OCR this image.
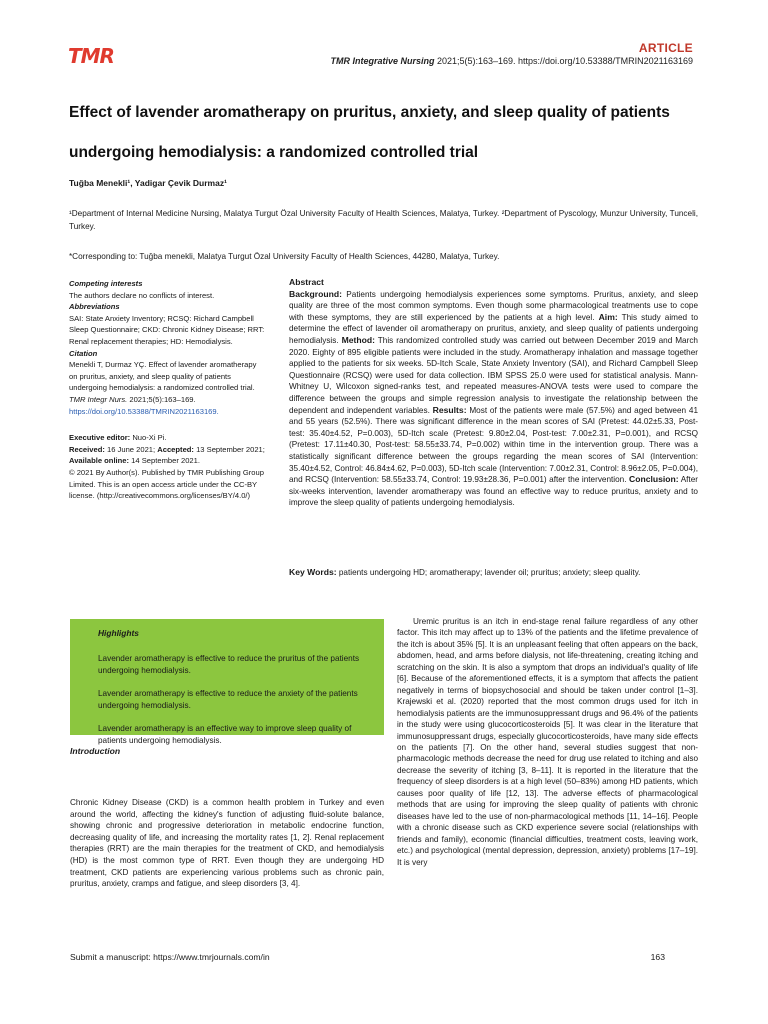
TMR	ARTICLE
TMR Integrative Nursing 2021;5(5):163–169. https://doi.org/10.53388/TMRIN2021163169
Effect of lavender aromatherapy on pruritus, anxiety, and sleep quality of patients
undergoing hemodialysis: a randomized controlled trial
Tuğba Menekli¹, Yadigar Çevik Durmaz¹
¹Department of Internal Medicine Nursing, Malatya Turgut Özal University Faculty of Health Sciences, Malatya, Turkey. ²Department of Pyscology, Munzur University, Tunceli, Turkey.
*Corresponding to: Tuğba menekli, Malatya Turgut Özal University Faculty of Health Sciences, 44280, Malatya, Turkey.

Competing interests

The authors declare no conflicts of interest.

Abbreviations

SAI: State Anxiety Inventory; RCSQ: Richard Campbell Sleep Questionnaire; CKD: Chronic Kidney Disease; RRT: Renal replacement therapies; HD: Hemodialysis.

Citation

Menekli T, Durmaz YÇ. Effect of lavender aromatherapy on pruritus, anxiety, and sleep quality of patients undergoing hemodialysis: a randomized controlled trial. TMR Integr Nurs. 2021;5(5):163–169. https://doi.org/10.53388/TMRIN2021163169.

Executive editor: Nuo-Xi Pi.

Received: 16 June 2021; Accepted: 13 September 2021; Available online: 14 September 2021.

© 2021 By Author(s). Published by TMR Publishing Group Limited. This is an open access article under the CC-BY license. (http://creativecommons.org/licenses/BY/4.0/)

Abstract

Background: Patients undergoing hemodialysis experiences some symptoms. Pruritus, anxiety, and sleep quality are three of the most common symptoms. Even though some pharmacological treatments use to cope with these symptoms, they are still experienced by the patients at a high level. Aim: This study aimed to determine the effect of lavender oil aromatherapy on pruritus, anxiety, and sleep quality of patients undergoing hemodialysis. Method: This randomized controlled study was carried out between December 2019 and March 2020. Eighty of 895 eligible patients were included in the study. Aromatherapy inhalation and massage together applied to the patients for six weeks. 5D-Itch Scale, State Anxiety Inventory (SAI), and Richard Campbell Sleep Questionnaire (RCSQ) were used for data collection. IBM SPSS 25.0 were used for statistical analysis. Mann-Whitney U, Wilcoxon signed-ranks test, and repeated measures-ANOVA tests were used to compare the difference between the groups and simple regression analysis to investigate the relationship between the dependent and independent variables. Results: Most of the patients were male (57.5%) and aged between 41 and 55 years (52.5%). There was significant difference in the mean scores of SAI (Pretest: 44.02±5.33, Post-test: 35.40±4.52, P=0.003), 5D-Itch scale (Pretest: 9.80±2.04, Post-test: 7.00±2.31, P=0.001), and RCSQ (Pretest: 17.11±40.30, Post-test: 58.55±33.74, P=0.002) within time in the intervention group. There was a statistically significant difference between the groups regarding the mean scores of SAI (Intervention: 35.40±4.52, Control: 46.84±4.62, P=0.003), 5D-Itch scale (Intervention: 7.00±2.31, Control: 8.96±2.05, P=0.004), and RCSQ (Intervention: 58.55±33.74, Control: 19.93±28.36, P=0.001) after the intervention. Conclusion: After six-weeks intervention, lavender aromatherapy was found an effective way to reduce pruritus, anxiety and to improve the sleep quality of patients undergoing hemodialysis.

Key Words: patients undergoing HD; aromatherapy; lavender oil; pruritus; anxiety; sleep quality.
Highlights
Lavender aromatherapy is effective to reduce the pruritus of the patients undergoing hemodialysis.
Lavender aromatherapy is effective to reduce the anxiety of the patients undergoing hemodialysis.
Lavender aromatherapy is an effective way to improve sleep quality of patients undergoing hemodialysis.
Introduction
Chronic Kidney Disease (CKD) is a common health problem in Turkey and even around the world, affecting the kidney's function of adjusting fluid-solute balance, showing chronic and progressive deterioration in metabolic endocrine function, decreasing quality of life, and increasing the mortality rates [1, 2]. Renal replacement therapies (RRT) are the main therapies for the treatment of CKD, and hemodialysis (HD) is the most common type of RRT. Even though they are undergoing HD treatment, CKD patients are experiencing various problems such as chronic pain, pruritus, anxiety, cramps and fatigue, and sleep disorders [3, 4].
Uremic pruritus is an itch in end-stage renal failure regardless of any other factor. This itch may affect up to 13% of the patients and the lifetime prevalence of the itch is about 35% [5]. It is an unpleasant feeling that often appears on the back, abdomen, head, and arms before dialysis, not life-threatening, creating itching and scratching on the skin. It is also a symptom that drops an individual's quality of life [6]. Because of the aforementioned effects, it is a symptom that affects the patient negatively in terms of biopsychosocial and should be taken under control [1–3]. Krajewski et al. (2020) reported that the most common drugs used for itch in hemodialysis patients are the immunosuppressant drugs and 96.4% of the patients in the study were using glucocorticosteroids [5]. It was clear in the literature that immunosuppressant drugs, especially glucocorticosteroids, have many side effects on the patients [7]. On the other hand, several studies suggest that non-pharmacologic methods decrease the need for drug use related to itching and also decrease the severity of itching [3, 8–11]. It is reported in the literature that the frequency of sleep disorders is at a high level (50–83%) among HD patients, which causes poor quality of life [12, 13]. The adverse effects of pharmacological methods that are using for improving the sleep quality of patients with chronic diseases have led to the use of non-pharmacological methods [11, 14–16]. People with a chronic disease such as CKD experience severe social (relationships with friends and family), economic (financial difficulties, treatment costs, leaving work, etc.) and psychological (mental depression, depression, anxiety) problems [17–19]. It is very
Submit a manuscript: https://www.tmrjournals.com/in	163
